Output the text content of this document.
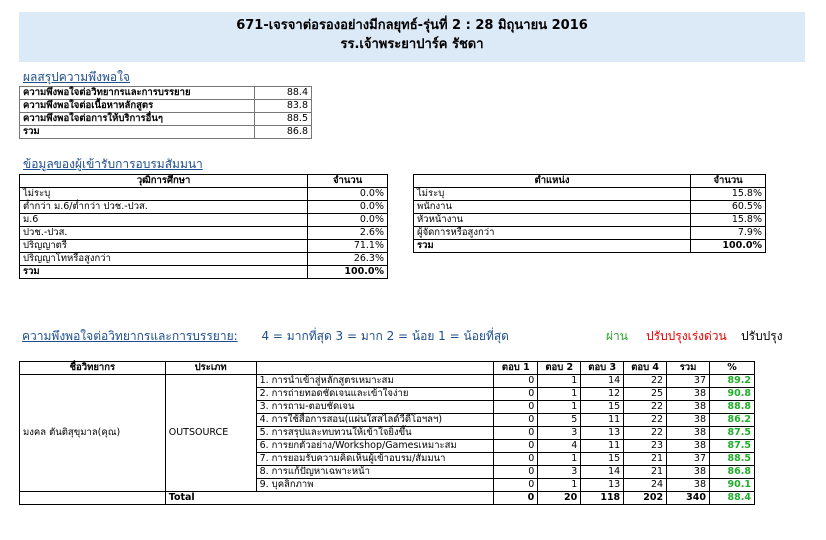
671-เจรจาต่อรองอย่างมีกลยุทธ์-รุ่นที่ 2 : 28 มิถุนายน 2016
รร.เจ้าพระยาปาร์ค รัชดา
ผลสรุปความพึงพอใจ
ความพึงพอใจต่อวิทยากรและการบรรยาย	88.4
ความพึงพอใจต่อเนื้อหาหลักสูตร	83.8
ความพึงพอใจต่อการให้บริการอื่นๆ	88.5
รวม	86.8
ข้อมูลของผู้เข้ารับการอบรมสัมมนา
วุฒิการศึกษา	จำนวน
ไม่ระบุ	0.0%
ต่ำกว่า ม.6/ต่ำกว่า ปวช.-ปวส.	0.0%
ม.6	0.0%
ปวช.-ปวส.	2.6%
ปริญญาตรี	71.1%
ปริญญาโทหรือสูงกว่า	26.3%
รวม	100.0%
ตำแหน่ง	จำนวน
ไม่ระบุ	15.8%
พนักงาน	60.5%
หัวหน้างาน	15.8%
ผู้จัดการหรือสูงกว่า	7.9%
รวม	100.0%
ความพึงพอใจต่อวิทยากรและการบรรยาย: 4 = มากที่สุด 3 = มาก 2 = น้อย 1 = น้อยที่สุด	ผ่าน ปรับปรุงเร่งด่วน ปรับปรุง
ชื่อวิทยากร	ประเภท		ตอบ 1	ตอบ 2	ตอบ 3	ตอบ 4	รวม	%
มงคล ตันติสุขุมาล(คุณ)	OUTSOURCE	1. การนำเข้าสู่หลักสูตรเหมาะสม	0	1	14	22	37	89.2
		2. การถ่ายทอดชัดเจนและเข้าใจง่าย	0	1	12	25	38	90.8
		3. การถาม-ตอบชัดเจน	0	1	15	22	38	88.8
		4. การใช้สื่อการสอน(แผ่นใสสไลด์วีดีโอฯลฯ)	0	5	11	22	38	86.2
		5. การสรุปและทบทวนให้เข้าใจยิ่งขึ้น	0	3	13	22	38	87.5
		6. การยกตัวอย่าง/Workshop/Gamesเหมาะสม	0	4	11	23	38	87.5
		7. การยอมรับความคิดเห็นผู้เข้าอบรม/สัมมนา	0	1	15	21	37	88.5
		8. การแก้ปัญหาเฉพาะหน้า	0	3	14	21	38	86.8
		9. บุคลิกภาพ	0	1	13	24	38	90.1
	Total		0	20	118	202	340	88.4
